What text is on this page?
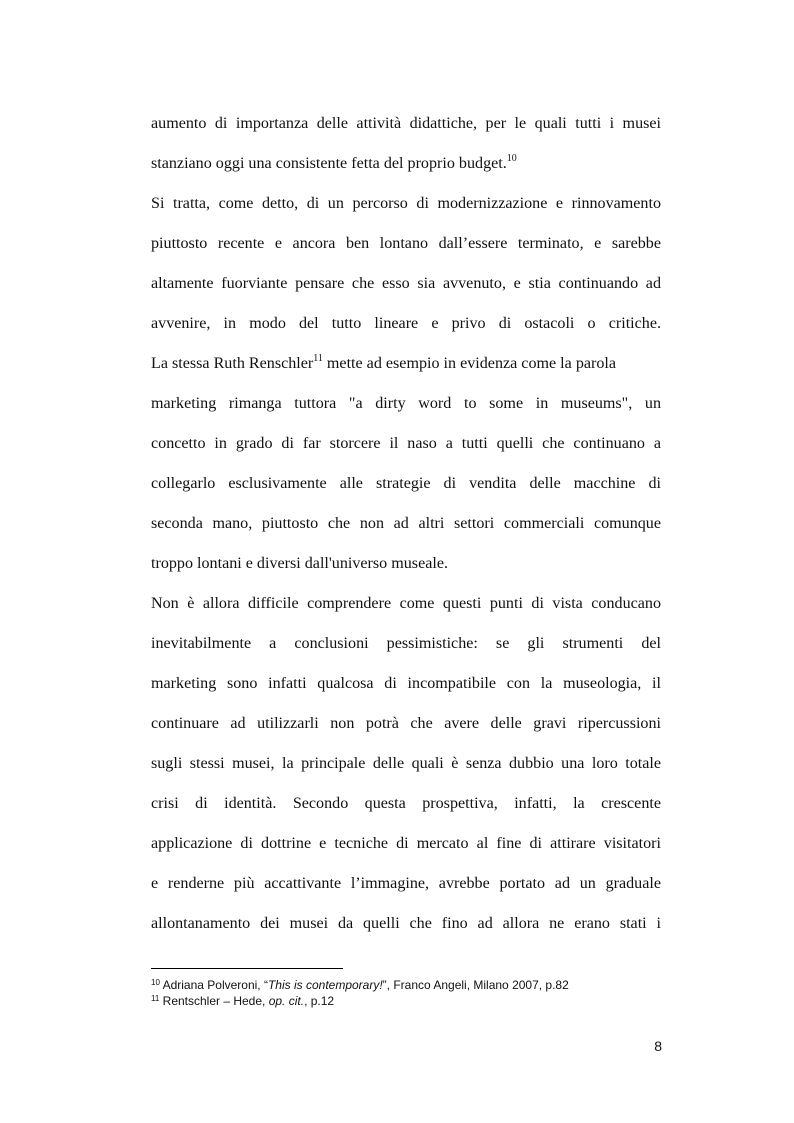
aumento di importanza delle attività didattiche, per le quali tutti i musei
stanziano oggi una consistente fetta del proprio budget.$^{10}$
Si tratta, come detto, di un percorso di modernizzazione e rinnovamento
piuttosto recente e ancora ben lontano dall’essere terminato, e sarebbe
altamente fuorviante pensare che esso sia avvenuto, e stia continuando ad
avvenire, in modo del tutto lineare e privo di ostacoli o critiche.
La stessa Ruth Renschler$^{11}$ mette ad esempio in evidenza come la parola
marketing rimanga tuttora "a dirty word to some in museums", un
concetto in grado di far storcere il naso a tutti quelli che continuano a
collegarlo esclusivamente alle strategie di vendita delle macchine di
seconda mano, piuttosto che non ad altri settori commerciali comunque
troppo lontani e diversi dall'universo museale.
Non è allora difficile comprendere come questi punti di vista conducano
inevitabilmente a conclusioni pessimistiche: se gli strumenti del
marketing sono infatti qualcosa di incompatibile con la museologia, il
continuare ad utilizzarli non potrà che avere delle gravi ripercussioni
sugli stessi musei, la principale delle quali è senza dubbio una loro totale
crisi di identità. Secondo questa prospettiva, infatti, la crescente
applicazione di dottrine e tecniche di mercato al fine di attirare visitatori
e renderne più accattivante l’immagine, avrebbe portato ad un graduale
allontanamento dei musei da quelli che fino ad allora ne erano stati i
$^{10}$ Adriana Polveroni, “This is contemporary!”, Franco Angeli, Milano 2007, p.82
$^{11}$ Rentschler – Hede, op. cit., p.12
8
